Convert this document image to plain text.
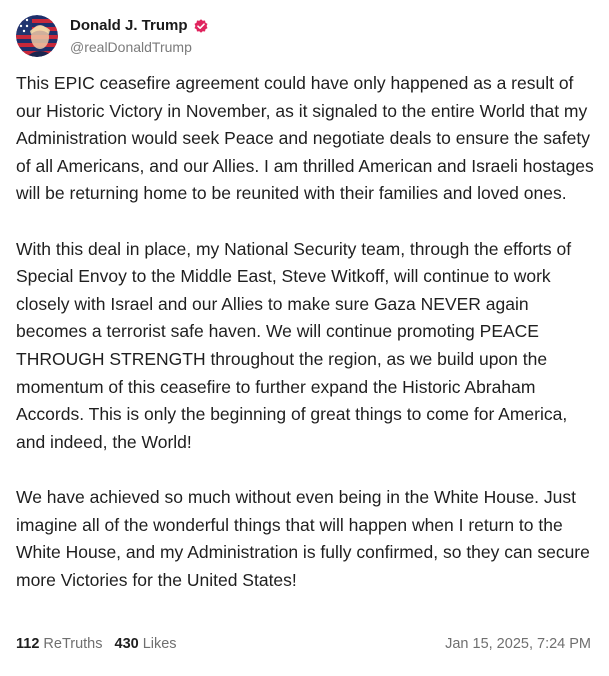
Donald J. Trump
@realDonaldTrump

This EPIC ceasefire agreement could have only happened as a result of our Historic Victory in November, as it signaled to the entire World that my Administration would seek Peace and negotiate deals to ensure the safety of all Americans, and our Allies. I am thrilled American and Israeli hostages will be returning home to be reunited with their families and loved ones.

With this deal in place, my National Security team, through the efforts of Special Envoy to the Middle East, Steve Witkoff, will continue to work closely with Israel and our Allies to make sure Gaza NEVER again becomes a terrorist safe haven. We will continue promoting PEACE THROUGH STRENGTH throughout the region, as we build upon the momentum of this ceasefire to further expand the Historic Abraham Accords. This is only the beginning of great things to come for America, and indeed, the World!

We have achieved so much without even being in the White House. Just imagine all of the wonderful things that will happen when I return to the White House, and my Administration is fully confirmed, so they can secure more Victories for the United States!

112 ReTruths 430 Likes	Jan 15, 2025, 7:24 PM
